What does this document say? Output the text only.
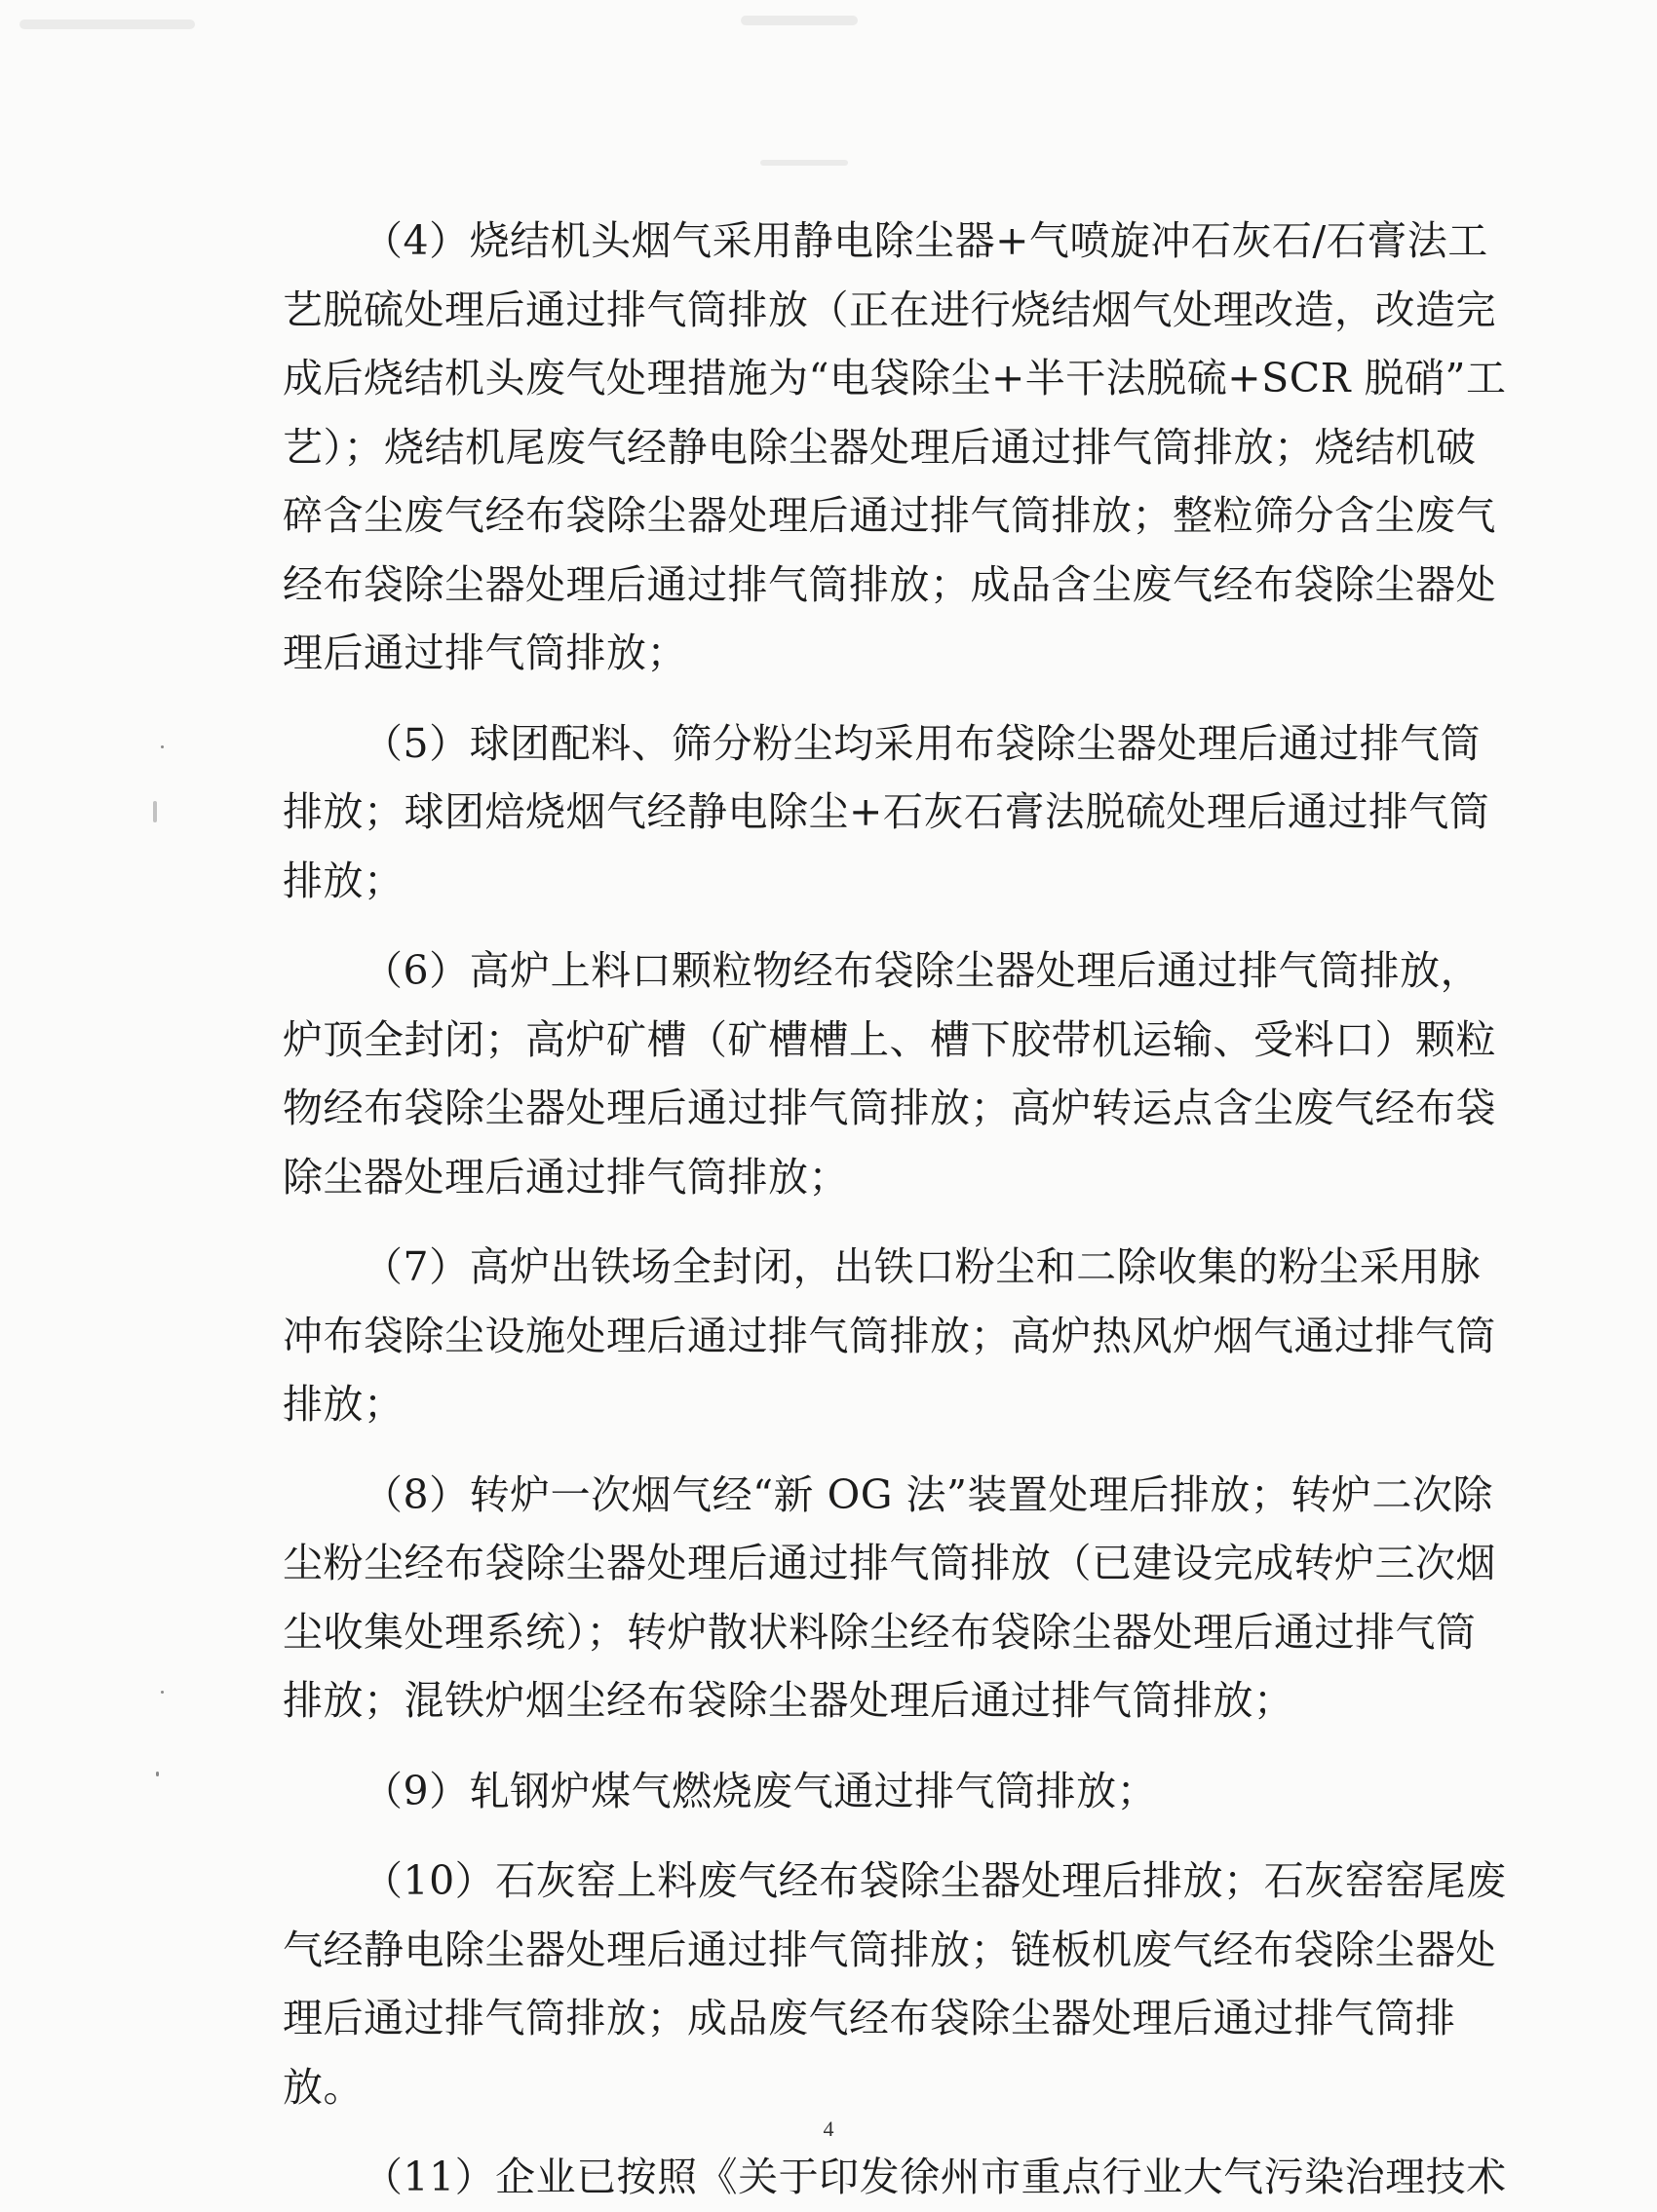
（4）烧结机头烟气采用静电除尘器+气喷旋冲石灰石/石膏法工
艺脱硫处理后通过排气筒排放（正在进行烧结烟气处理改造，改造完
成后烧结机头废气处理措施为“电袋除尘+半干法脱硫+SCR 脱硝”工
艺）；烧结机尾废气经静电除尘器处理后通过排气筒排放；烧结机破
碎含尘废气经布袋除尘器处理后通过排气筒排放；整粒筛分含尘废气
经布袋除尘器处理后通过排气筒排放；成品含尘废气经布袋除尘器处
理后通过排气筒排放；
（5）球团配料、筛分粉尘均采用布袋除尘器处理后通过排气筒
排放；球团焙烧烟气经静电除尘+石灰石膏法脱硫处理后通过排气筒
排放；
（6）高炉上料口颗粒物经布袋除尘器处理后通过排气筒排放，
炉顶全封闭；高炉矿槽（矿槽槽上、槽下胶带机运输、受料口）颗粒
物经布袋除尘器处理后通过排气筒排放；高炉转运点含尘废气经布袋
除尘器处理后通过排气筒排放；
（7）高炉出铁场全封闭，出铁口粉尘和二除收集的粉尘采用脉
冲布袋除尘设施处理后通过排气筒排放；高炉热风炉烟气通过排气筒
排放；
（8）转炉一次烟气经“新 OG 法”装置处理后排放；转炉二次除
尘粉尘经布袋除尘器处理后通过排气筒排放（已建设完成转炉三次烟
尘收集处理系统）；转炉散状料除尘经布袋除尘器处理后通过排气筒
排放；混铁炉烟尘经布袋除尘器处理后通过排气筒排放；
（9）轧钢炉煤气燃烧废气通过排气筒排放；
（10）石灰窑上料废气经布袋除尘器处理后排放；石灰窑窑尾废
气经静电除尘器处理后通过排气筒排放；链板机废气经布袋除尘器处
理后通过排气筒排放；成品废气经布袋除尘器处理后通过排气筒排
放。
（11）企业已按照《关于印发徐州市重点行业大气污染治理技术
4
